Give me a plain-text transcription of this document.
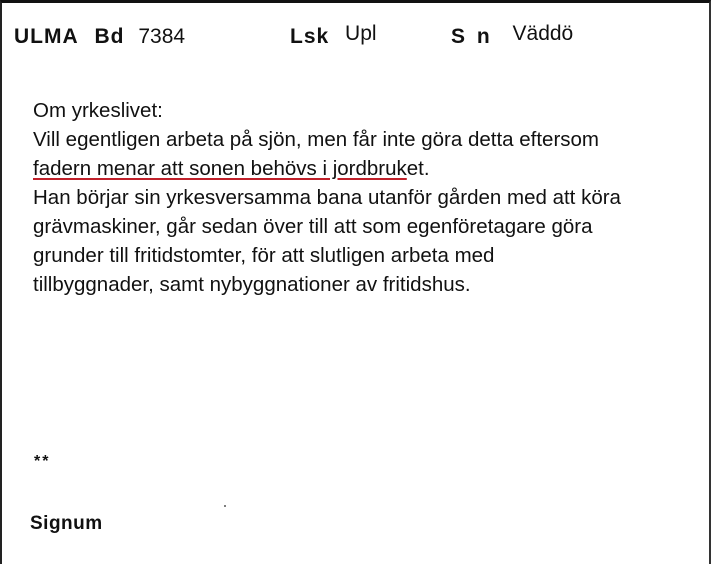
ULMA Bd 7384	Lsk Upl	S n Väddö
Om yrkeslivet:
Vill egentligen arbeta på sjön, men får inte göra detta eftersom
fadern menar att sonen behövs i jordbruket.
Han börjar sin yrkesversamma bana utanför gården med att köra
grävmaskiner, går sedan över till att som egenföretagare göra
grunder till fritidstomter, för att slutligen arbeta med
tillbyggnader, samt nybyggnationer av fritidshus.
**
Signum
